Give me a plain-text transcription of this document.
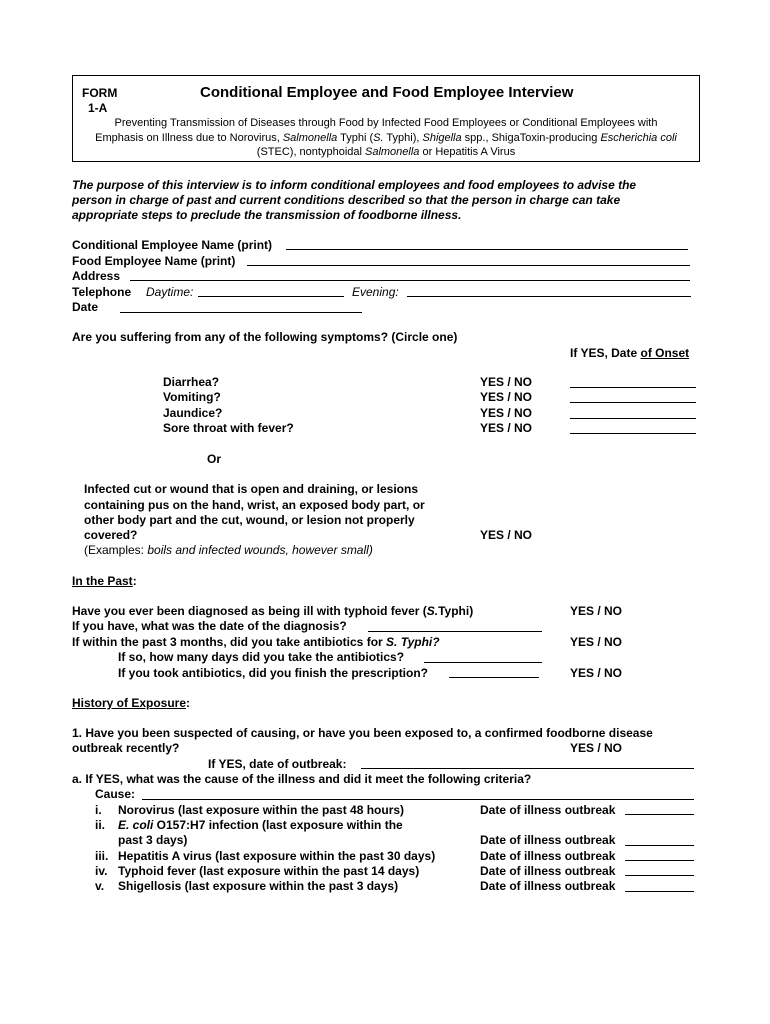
FORM
1-A
Conditional Employee and Food Employee Interview
Preventing Transmission of Diseases through Food by Infected Food Employees or Conditional Employees with
Emphasis on Illness due to Norovirus, Salmonella Typhi (S. Typhi), Shigella spp., ShigaToxin-producing Escherichia coli
(STEC), nontyphoidal Salmonella or Hepatitis A Virus
The purpose of this interview is to inform conditional employees and food employees to advise the
person in charge of past and current conditions described so that the person in charge can take
appropriate steps to preclude the transmission of foodborne illness.
Conditional Employee Name (print)
Food Employee Name (print)
Address
Telephone Daytime:	Evening:
Date
Are you suffering from any of the following symptoms? (Circle one)
If YES, Date of Onset
Diarrhea?	YES / NO
Vomiting?	YES / NO
Jaundice?	YES / NO
Sore throat with fever?	YES / NO
Or
Infected cut or wound that is open and draining, or lesions
containing pus on the hand, wrist, an exposed body part, or
other body part and the cut, wound, or lesion not properly
covered?	YES / NO
(Examples: boils and infected wounds, however small)
In the Past:
Have you ever been diagnosed as being ill with typhoid fever (S.Typhi)	YES / NO
If you have, what was the date of the diagnosis?
If within the past 3 months, did you take antibiotics for S. Typhi?	YES / NO
If so, how many days did you take the antibiotics?
If you took antibiotics, did you finish the prescription?	YES / NO
History of Exposure:
1. Have you been suspected of causing, or have you been exposed to, a confirmed foodborne disease
outbreak recently?	YES / NO
If YES, date of outbreak:
a. If YES, what was the cause of the illness and did it meet the following criteria?
Cause:
i. Norovirus (last exposure within the past 48 hours)	Date of illness outbreak
ii. E. coli O157:H7 infection (last exposure within the
past 3 days)	Date of illness outbreak
iii. Hepatitis A virus (last exposure within the past 30 days)	Date of illness outbreak
iv. Typhoid fever (last exposure within the past 14 days)	Date of illness outbreak
v. Shigellosis (last exposure within the past 3 days)	Date of illness outbreak
